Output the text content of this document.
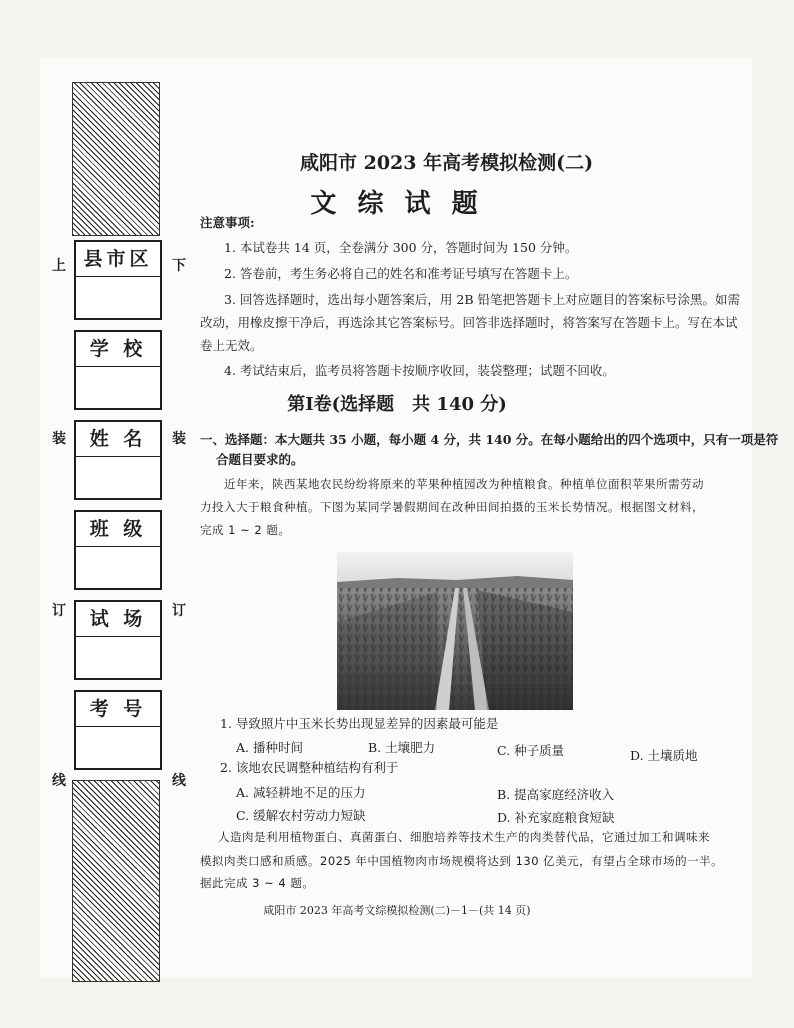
县市区
学 校
姓 名
班 级
试 场
考 号
上
装
订
线
下
装
订
线
咸阳市 2023 年高考模拟检测(二)
文 综 试 题
注意事项:
1. 本试卷共 14 页，全卷满分 300 分，答题时间为 150 分钟。
2. 答卷前，考生务必将自己的姓名和准考证号填写在答题卡上。
3. 回答选择题时，选出每小题答案后，用 2B 铅笔把答题卡上对应题目的答案标号涂黑。如需
改动，用橡皮擦干净后，再选涂其它答案标号。回答非选择题时，将答案写在答题卡上。写在本试
卷上无效。
4. 考试结束后，监考员将答题卡按顺序收回，装袋整理；试题不回收。
第Ⅰ卷(选择题　共 140 分)
一、选择题：本大题共 35 小题，每小题 4 分，共 140 分。在每小题给出的四个选项中，只有一项是符
合题目要求的。
近年来，陕西某地农民纷纷将原来的苹果种植园改为种植粮食。种植单位面积苹果所需劳动
力投入大于粮食种植。下图为某同学暑假期间在改种田间拍摄的玉米长势情况。根据图文材料，
完成 1 ~ 2 题。
1. 导致照片中玉米长势出现显差异的因素最可能是
A. 播种时间	B. 土壤肥力	C. 种子质量	D. 土壤质地
2. 该地农民调整种植结构有利于
A. 减轻耕地不足的压力	B. 提高家庭经济收入
C. 缓解农村劳动力短缺	D. 补充家庭粮食短缺
人造肉是利用植物蛋白、真菌蛋白、细胞培养等技术生产的肉类替代品，它通过加工和调味来
模拟肉类口感和质感。2025 年中国植物肉市场规模将达到 130 亿美元，有望占全球市场的一半。
据此完成 3 ~ 4 题。
咸阳市 2023 年高考文综模拟检测(二)－1－(共 14 页)
